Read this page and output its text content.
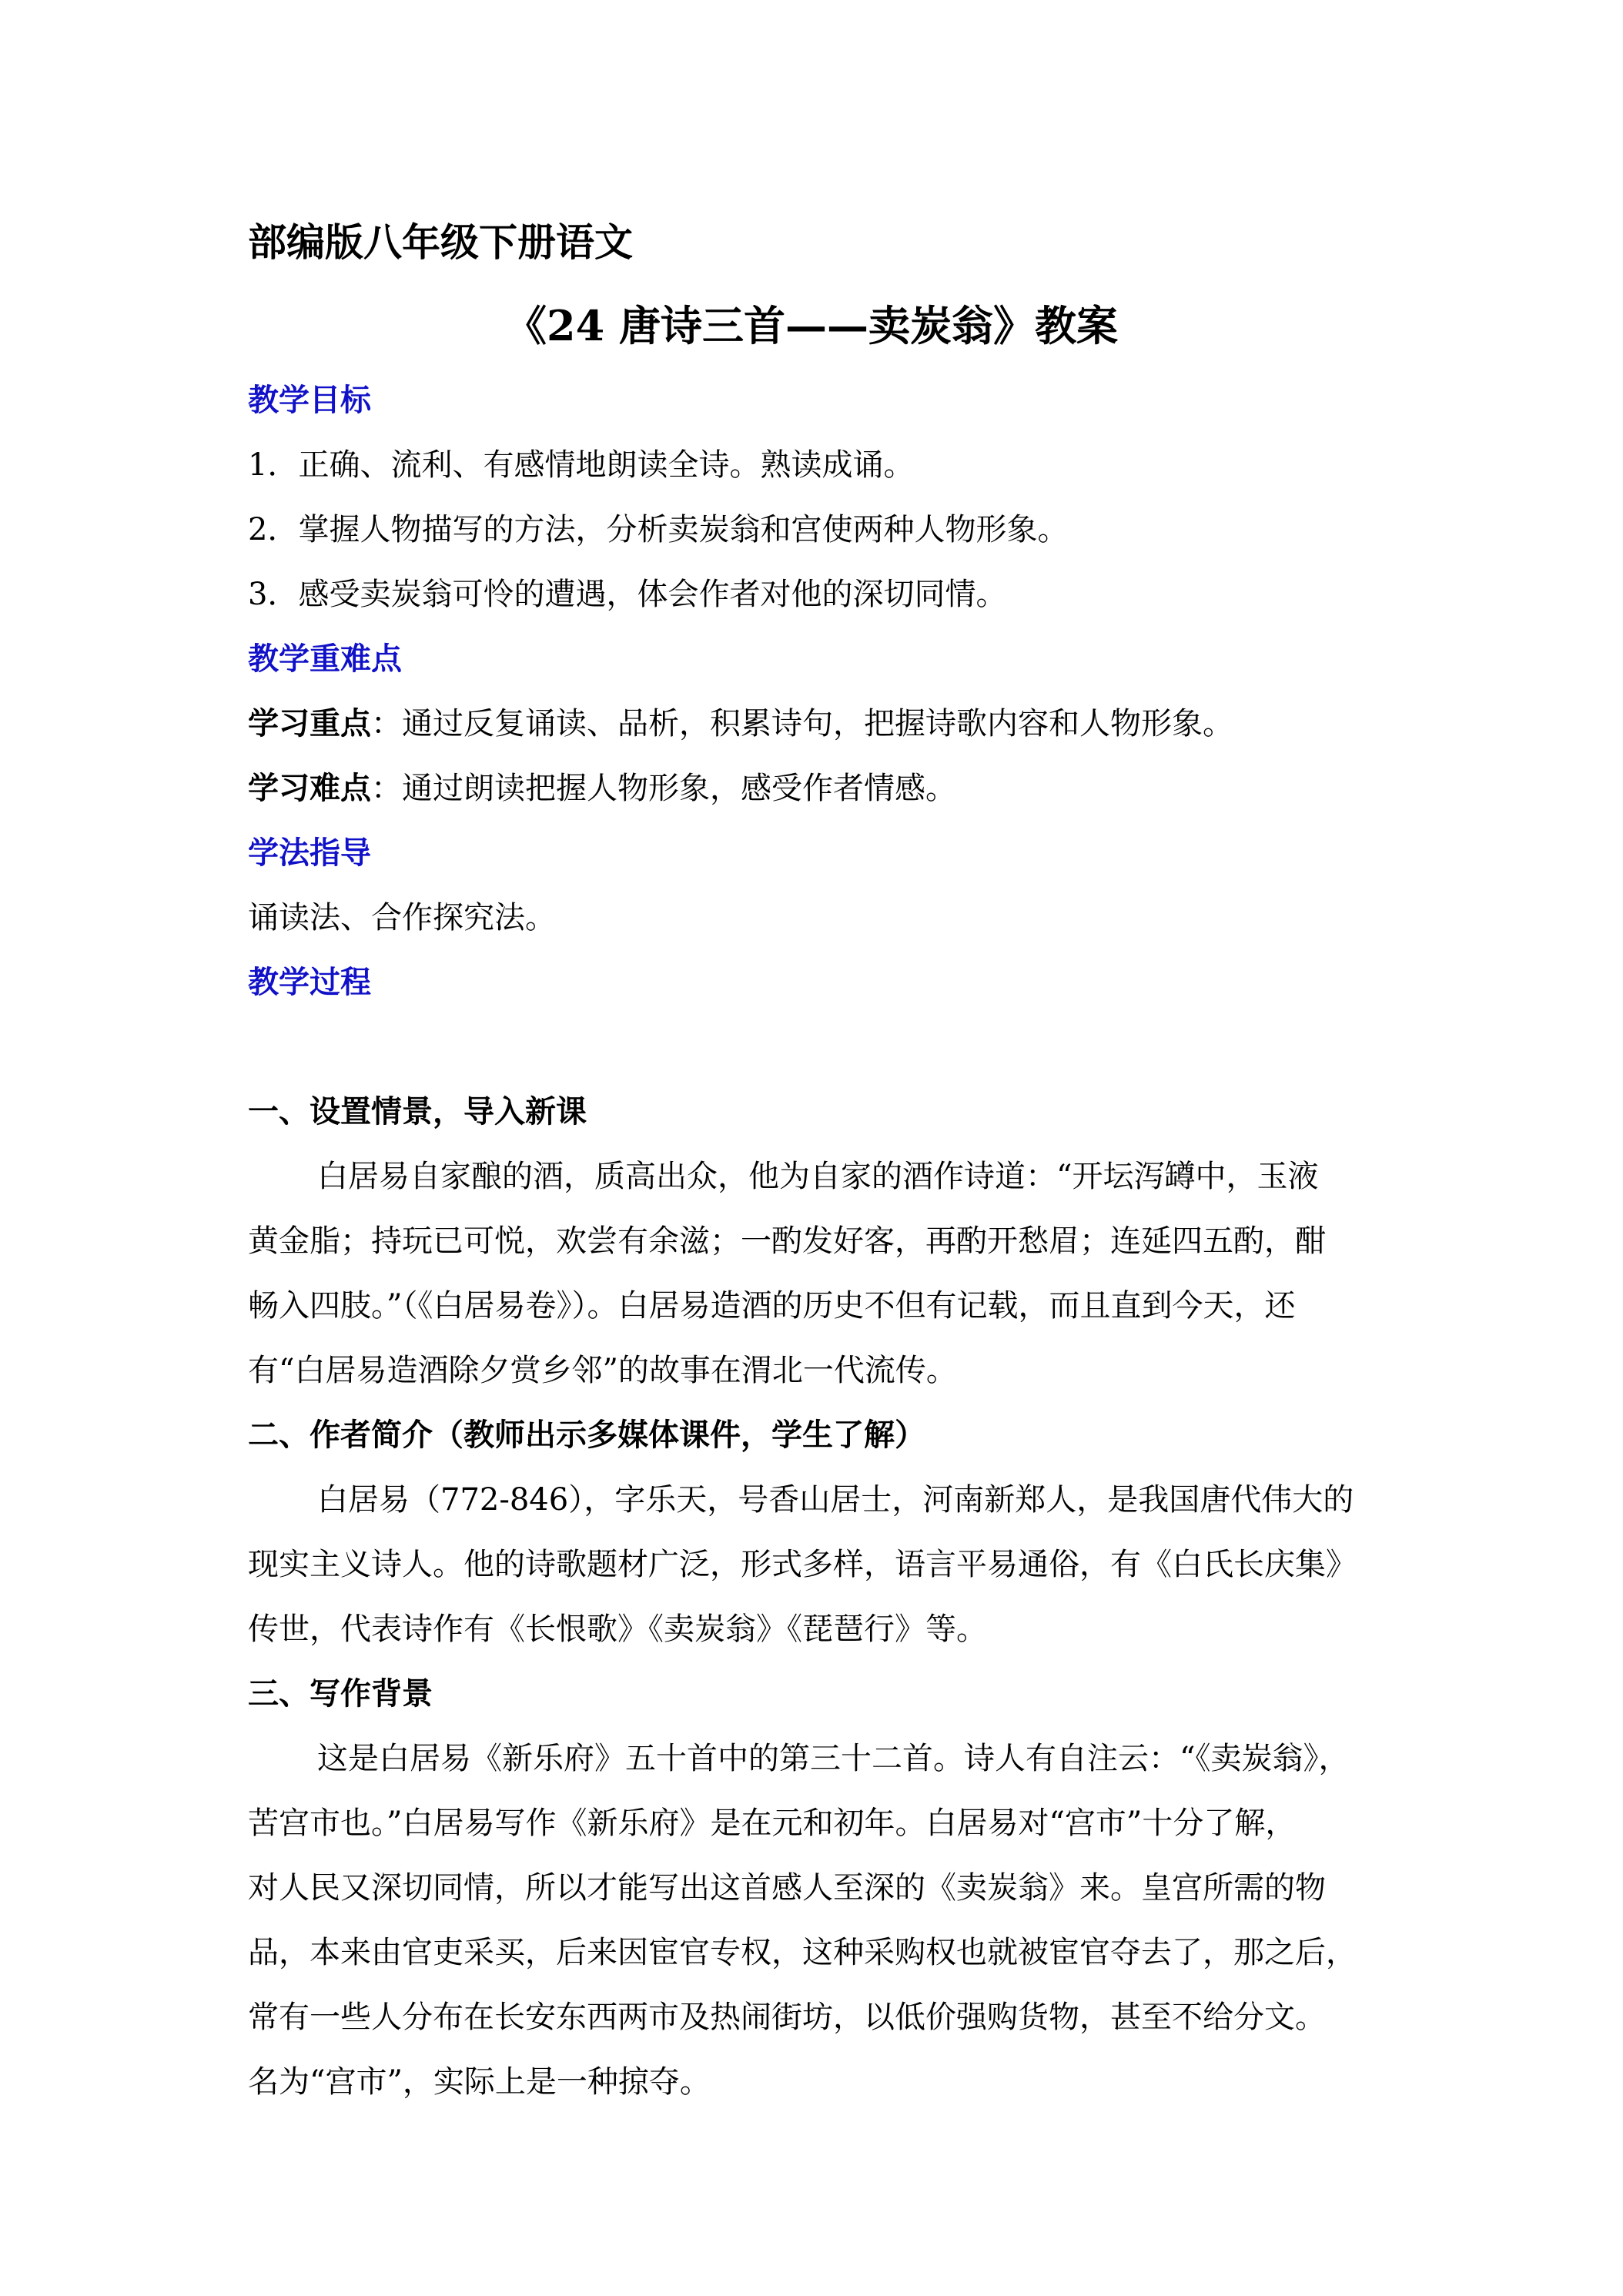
部编版八年级下册语文
《24 唐诗三首——卖炭翁》教案
教学目标
1．正确、流利、有感情地朗读全诗。熟读成诵。
2．掌握人物描写的方法，分析卖炭翁和宫使两种人物形象。
3．感受卖炭翁可怜的遭遇，体会作者对他的深切同情。
教学重难点
学习重点：通过反复诵读、品析，积累诗句，把握诗歌内容和人物形象。
学习难点：通过朗读把握人物形象，感受作者情感。
学法指导
诵读法、合作探究法。
教学过程
一、设置情景，导入新课
白居易自家酿的酒，质高出众，他为自家的酒作诗道：“开坛泻罇中，玉液
黄金脂；持玩已可悦，欢尝有余滋；一酌发好客，再酌开愁眉；连延四五酌，酣
畅入四肢。”（《白居易卷》）。白居易造酒的历史不但有记载，而且直到今天，还
有“白居易造酒除夕赏乡邻”的故事在渭北一代流传。
二、作者简介（教师出示多媒体课件，学生了解）
白居易（772-846），字乐天，号香山居士，河南新郑人，是我国唐代伟大的
现实主义诗人。他的诗歌题材广泛，形式多样，语言平易通俗，有《白氏长庆集》
传世，代表诗作有《长恨歌》《卖炭翁》《琵琶行》等。
三、写作背景
这是白居易《新乐府》五十首中的第三十二首。诗人有自注云：“《卖炭翁》，
苦宫市也。”白居易写作《新乐府》是在元和初年。白居易对“宫市”十分了解，
对人民又深切同情，所以才能写出这首感人至深的《卖炭翁》来。皇宫所需的物
品，本来由官吏采买，后来因宦官专权，这种采购权也就被宦官夺去了，那之后，
常有一些人分布在长安东西两市及热闹街坊，以低价强购货物，甚至不给分文。
名为“宫市”，实际上是一种掠夺。
